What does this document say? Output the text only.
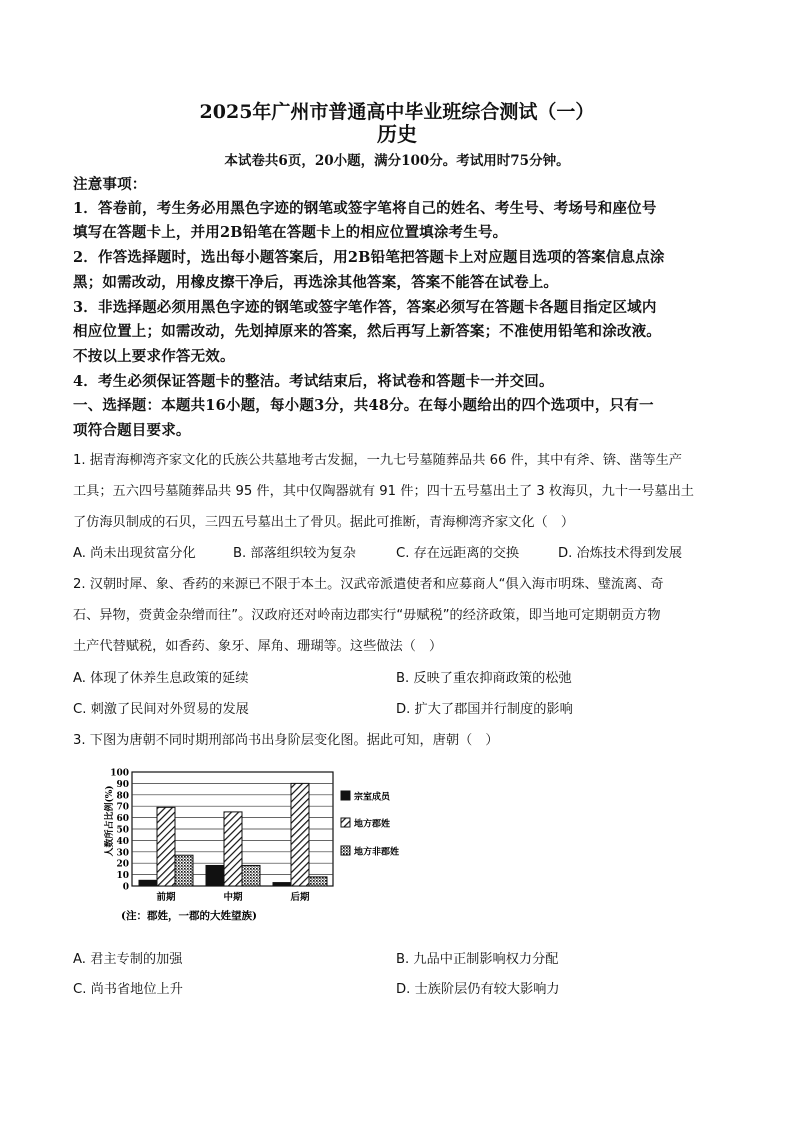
2025年广州市普通高中毕业班综合测试（一）
历史
本试卷共6页，20小题，满分100分。考试用时75分钟。
注意事项：
1．答卷前，考生务必用黑色字迹的钢笔或签字笔将自己的姓名、考生号、考场号和座位号
填写在答题卡上，并用2B铅笔在答题卡上的相应位置填涂考生号。
2．作答选择题时，选出每小题答案后，用2B铅笔把答题卡上对应题目选项的答案信息点涂
黑；如需改动，用橡皮擦干净后，再选涂其他答案，答案不能答在试卷上。
3．非选择题必须用黑色字迹的钢笔或签字笔作答，答案必须写在答题卡各题目指定区域内
相应位置上；如需改动，先划掉原来的答案，然后再写上新答案；不准使用铅笔和涂改液。
不按以上要求作答无效。
4．考生必须保证答题卡的整洁。考试结束后，将试卷和答题卡一并交回。
一、选择题：本题共16小题，每小题3分，共48分。在每小题给出的四个选项中，只有一
项符合题目要求。
1. 据青海柳湾齐家文化的氏族公共墓地考古发掘，一九七号墓随葬品共 66 件，其中有斧、锛、凿等生产
工具；五六四号墓随葬品共 95 件，其中仅陶器就有 91 件；四十五号墓出土了 3 枚海贝，九十一号墓出土
了仿海贝制成的石贝，三四五号墓出土了骨贝。据此可推断，青海柳湾齐家文化（　）
A. 尚未出现贫富分化	B. 部落组织较为复杂	C. 存在远距离的交换	D. 冶炼技术得到发展
2. 汉朝时犀、象、香药的来源已不限于本土。汉武帝派遣使者和应募商人“俱入海市明珠、璧流离、奇
石、异物，赍黄金杂缯而往”。汉政府还对岭南边郡实行“毋赋税”的经济政策，即当地可定期朝贡方物
土产代替赋税，如香药、象牙、犀角、珊瑚等。这些做法（　）
A. 体现了休养生息政策的延续	B. 反映了重农抑商政策的松弛
C. 刺激了民间对外贸易的发展	D. 扩大了郡国并行制度的影响
3. 下图为唐朝不同时期刑部尚书出身阶层变化图。据此可知，唐朝（　）
人数所占比例(%)
0
10
20
30
40
50
60
70
80
90
100
前期	中期	后期
宗室成员
地方郡姓
地方非郡姓
(注：郡姓，一郡的大姓望族)
A. 君主专制的加强	B. 九品中正制影响权力分配
C. 尚书省地位上升	D. 士族阶层仍有较大影响力
